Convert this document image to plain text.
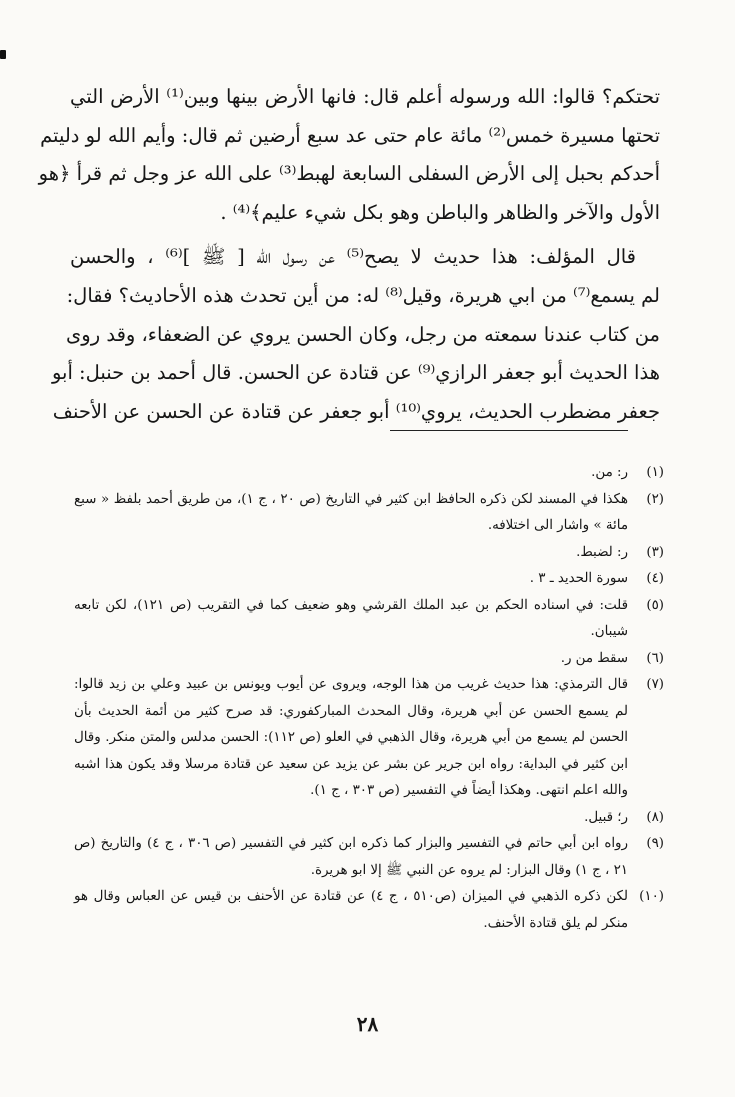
تحتكم؟ قالوا: الله ورسوله أعلم قال: فانها الأرض بينها وبين⁽¹⁾ الأرض التي
تحتها مسيرة خمس⁽²⁾ مائة عام حتى عد سبع أرضين ثم قال: وأيم الله لو دليتم
أحدكم بحبل إلى الأرض السفلى السابعة لهبط⁽³⁾ على الله عز وجل ثم قرأ ﴿هو
الأول والآخر والظاهر والباطن وهو بكل شيء عليم﴾⁽⁴⁾ .
قال المؤلف: هذا حديث لا يصح⁽⁵⁾ عن رسول الله [ ﷺ ]⁽⁶⁾ ، والحسن
لم يسمع⁽⁷⁾ من ابي هريرة، وقيل⁽⁸⁾ له: من أين تحدث هذه الأحاديث؟ فقال:
من كتاب عندنا سمعته من رجل، وكان الحسن يروي عن الضعفاء، وقد روى
هذا الحديث أبو جعفر الرازي⁽⁹⁾ عن قتادة عن الحسن. قال أحمد بن حنبل: أبو
جعفر مضطرب الحديث، يروي⁽¹⁰⁾ أبو جعفر عن قتادة عن الحسن عن الأحنف
(١)
ر: من.
(٢)
هكذا في المسند لكن ذكره الحافظ ابن كثير في التاريخ (ص ٢٠ ، ج ١)، من طريق أحمد بلفظ « سبع مائة » واشار الى اختلافه.
(٣)
ر: لضبط.
(٤)
سورة الحديد ـ ٣ .
(٥)
قلت: في اسناده الحكم بن عبد الملك القرشي وهو ضعيف كما في التقريب (ص ١٢١)، لكن تابعه شيبان.
(٦)
سقط من ر.
(٧)
قال الترمذي: هذا حديث غريب من هذا الوجه، ويروى عن أيوب ويونس بن عبيد وعلي بن زيد قالوا: لم يسمع الحسن عن أبي هريرة، وقال المحدث المباركفوري: قد صرح كثير من أئمة الحديث بأن الحسن لم يسمع من أبي هريرة، وقال الذهبي في العلو (ص ١١٢): الحسن مدلس والمتن منكر. وقال ابن كثير في البداية: رواه ابن جرير عن بشر عن يزيد عن سعيد عن قتادة مرسلا وقد يكون هذا اشبه والله اعلم انتهى. وهكذا أيضاً في التفسير (ص ٣٠٣ ، ج ١).
(٨)
ر؛ قبيل.
(٩)
رواه ابن أبي حاتم في التفسير والبزار كما ذكره ابن كثير في التفسير (ص ٣٠٦ ، ج ٤) والتاريخ (ص ٢١ ، ج ١) وقال البزار: لم يروه عن النبي ﷺ إلا ابو هريرة.
(١٠)
لكن ذكره الذهبي في الميزان (ص٥١٠ ، ج ٤) عن قتادة عن الأحنف بن قيس عن العباس وقال هو منكر لم يلق قتادة الأحنف.
٢٨
